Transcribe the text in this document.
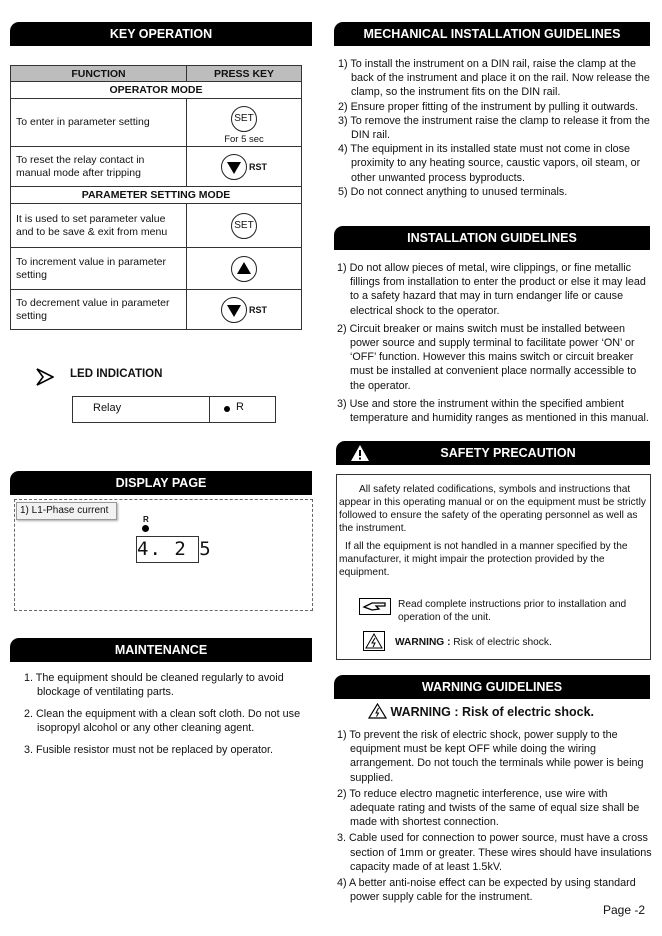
KEY OPERATION
FUNCTION	PRESS KEY
OPERATOR MODE	
To enter in parameter setting	SET
For 5 sec

To reset the relay contact in manual mode after tripping	RST
PARAMETER SETTING MODE	
It is used to set parameter value and to be save & exit from menu	SET
To increment value in parameter setting	

To decrement value in parameter setting	RST
LED INDICATION
Relay	R
DISPLAY PAGE
1) L1-Phase current
R
4. 2 5
MAINTENANCE
1. The equipment should be cleaned regularly to avoid blockage of ventilating parts.
2. Clean the equipment with a clean soft cloth. Do not use isopropyl alcohol or any other cleaning agent.
3. Fusible resistor must not be replaced by operator.
MECHANICAL INSTALLATION GUIDELINES
1) To install the instrument on a DIN rail, raise the clamp at the back of the instrument and place it on the rail. Now release the clamp, so the instrument fits on the DIN rail.
2) Ensure proper fitting of the instrument by pulling it outwards.
3) To remove the instrument raise the clamp to release it from the DIN rail.
4) The equipment in its installed state must not come in close proximity to any heating source, caustic vapors, oil steam, or other unwanted process byproducts.
5) Do not connect anything to unused terminals.
INSTALLATION GUIDELINES
1) Do not allow pieces of metal, wire clippings, or fine metallic fillings from installation to enter the product or else it may lead to a safety hazard that may in turn endanger life or cause electrical shock to the operator.
2) Circuit breaker or mains switch must be installed between power source and supply terminal to facilitate power ‘ON’ or ‘OFF’ function. However this mains switch or circuit breaker must be installed at convenient place normally accessible to the operator.
3) Use and store the instrument within the specified ambient temperature and humidity ranges as mentioned in this manual.
SAFETY PRECAUTION

All safety related codifications, symbols and instructions that appear in this operating manual or on the equipment must be strictly followed to ensure the safety of the operating personnel as well as the instrument.

If all the equipment is not handled in a manner specified by the manufacturer, it might impair the protection provided by the equipment.

Read complete instructions prior to installation and operation of the unit.
WARNING : Risk of electric shock.
WARNING GUIDELINES
WARNING : Risk of electric shock.
1) To prevent the risk of electric shock, power supply to the equipment must be kept OFF while doing the wiring arrangement. Do not touch the terminals while power is being supplied.
2) To reduce electro magnetic interference, use wire with adequate rating and twists of the same of equal size shall be made with shortest connection.
3. Cable used for connection to power source, must have a cross section of 1mm or greater. These wires should have insulations capacity made of at least 1.5kV.
4) A better anti-noise effect can be expected by using standard power supply cable for the instrument.
Page -2
